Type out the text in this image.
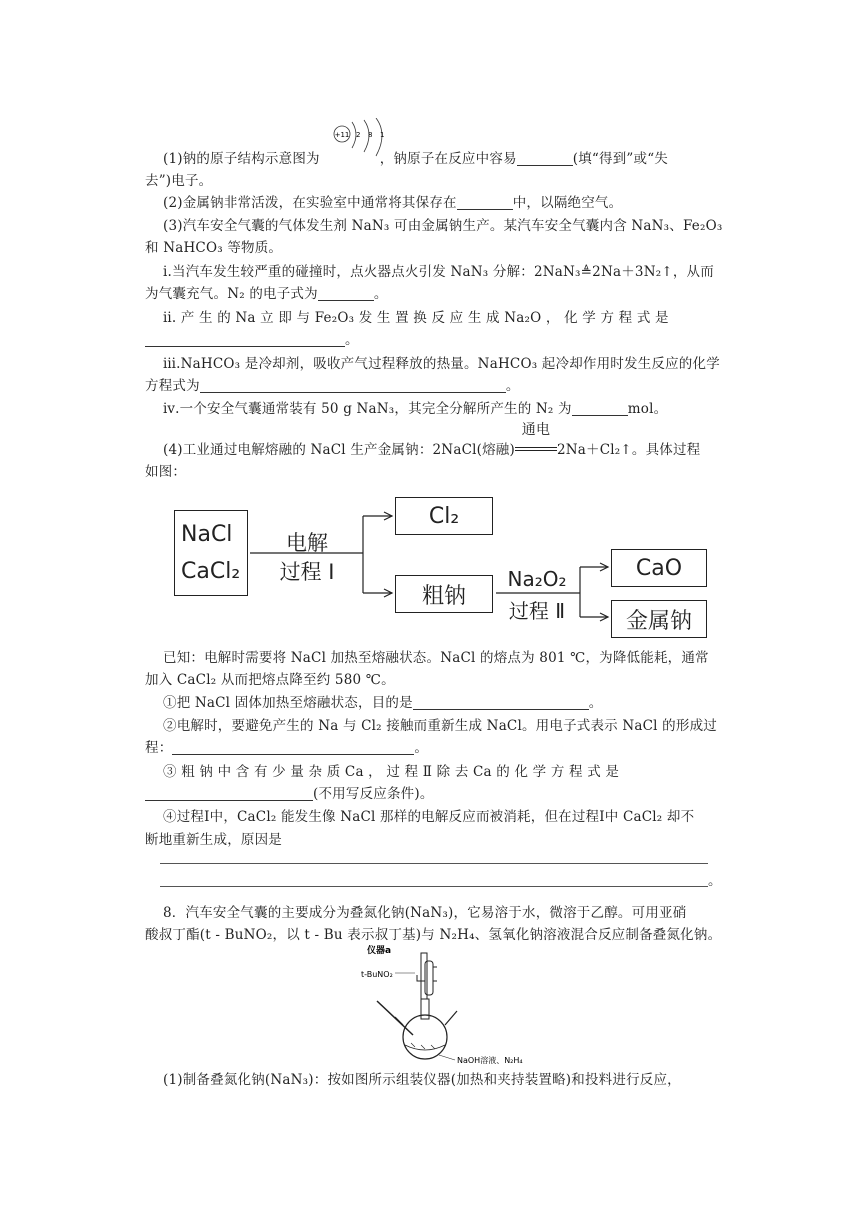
+11 2 8 1
(1)钠的原子结构示意图为	，钠原子在反应中容易	(填“得到”或“失
去”)电子。
(2)金属钠非常活泼，在实验室中通常将其保存在	中，以隔绝空气。
(3)汽车安全气囊的气体发生剂 NaN₃ 可由金属钠生产。某汽车安全气囊内含 NaN₃、Fe₂O₃
和 NaHCO₃ 等物质。
ⅰ.当汽车发生较严重的碰撞时，点火器点火引发 NaN₃ 分解：2NaN₃≜2Na＋3N₂↑，从而
为气囊充气。N₂ 的电子式为	。
ⅱ. 产 生 的 Na 立 即 与 Fe₂O₃ 发 生 置 换 反 应 生 成 Na₂O ， 化 学 方 程 式 是
。
ⅲ.NaHCO₃ 是冷却剂，吸收产气过程释放的热量。NaHCO₃ 起冷却作用时发生反应的化学
方程式为	。
ⅳ.一个安全气囊通常装有 50 g NaN₃，其完全分解所产生的 N₂ 为	mol。
(4)工业通过电解熔融的 NaCl 生产金属钠：2NaCl(熔融)
通电
2Na＋Cl₂↑。具体过程
如图：
NaCl
CaCl₂
电解
过程 Ⅰ
Cl₂
粗钠
Na₂O₂
过程 Ⅱ
CaO
金属钠
已知：电解时需要将 NaCl 加热至熔融状态。NaCl 的熔点为 801 ℃，为降低能耗，通常
加入 CaCl₂ 从而把熔点降至约 580 ℃。
①把 NaCl 固体加热至熔融状态，目的是	。
②电解时，要避免产生的 Na 与 Cl₂ 接触而重新生成 NaCl。用电子式表示 NaCl 的形成过
程：	。
③ 粗 钠 中 含 有 少 量 杂 质 Ca ， 过 程 Ⅱ 除 去 Ca 的 化 学 方 程 式 是
(不用写反应条件)。
④过程Ⅰ中，CaCl₂ 能发生像 NaCl 那样的电解反应而被消耗，但在过程Ⅰ中 CaCl₂ 却不
断地重新生成，原因是
。
8．汽车安全气囊的主要成分为叠氮化钠(NaN₃)，它易溶于水，微溶于乙醇。可用亚硝
酸叔丁酯(t - BuNO₂，以 t - Bu 表示叔丁基)与 N₂H₄、氢氧化钠溶液混合反应制备叠氮化钠。
仪器a
t-BuNO₂
NaOH溶液、N₂H₄
(1)制备叠氮化钠(NaN₃)：按如图所示组装仪器(加热和夹持装置略)和投料进行反应，
